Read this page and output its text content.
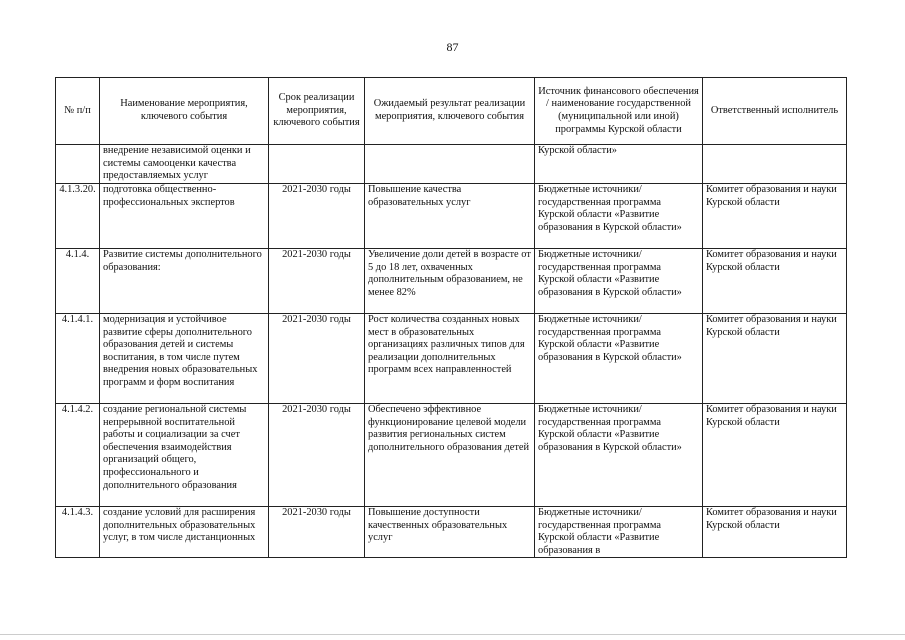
87
№ п/п	Наименование мероприятия, ключевого события	Срок реализации мероприятия, ключевого события	Ожидаемый результат реализации мероприятия, ключевого события	Источник финансового обеспечения / наименование государственной (муниципальной или иной) программы Курской области	Ответственный исполнитель
	внедрение независимой оценки и системы самооценки качества предоставляемых услуг			Курской области»	
4.1.3.20.	подготовка общественно-профессиональных экспертов	2021-2030 годы	Повышение качества образовательных услуг	Бюджетные источники/государственная программа Курской области «Развитие образования в Курской области»	Комитет образования и науки Курской области
4.1.4.	Развитие системы дополнительного образования:	2021-2030 годы	Увеличение доли детей в возрасте от 5 до 18 лет, охваченных дополнительным образованием, не менее 82%	Бюджетные источники/государственная программа Курской области «Развитие образования в Курской области»	Комитет образования и науки Курской области
4.1.4.1.	модернизация и устойчивое развитие сферы дополнительного образования детей и системы воспитания, в том числе путем внедрения новых образовательных программ и форм воспитания	2021-2030 годы	Рост количества созданных новых мест в образовательных организациях различных типов для реализации дополнительных программ всех направленностей	Бюджетные источники/государственная программа Курской области «Развитие образования в Курской области»	Комитет образования и науки Курской области
4.1.4.2.	создание региональной системы непрерывной воспитательной работы и социализации за счет обеспечения взаимодействия организаций общего, профессионального и дополнительного образования	2021-2030 годы	Обеспечено эффективное функционирование целевой модели развития региональных систем дополнительного образования детей	Бюджетные источники/государственная программа Курской области «Развитие образования в Курской области»	Комитет образования и науки Курской области
4.1.4.3.	создание условий для расширения дополнительных образовательных услуг, в том числе дистанционных	2021-2030 годы	Повышение доступности качественных образовательных услуг	Бюджетные источники/государственная программа Курской области «Развитие образования в	Комитет образования и науки Курской области
